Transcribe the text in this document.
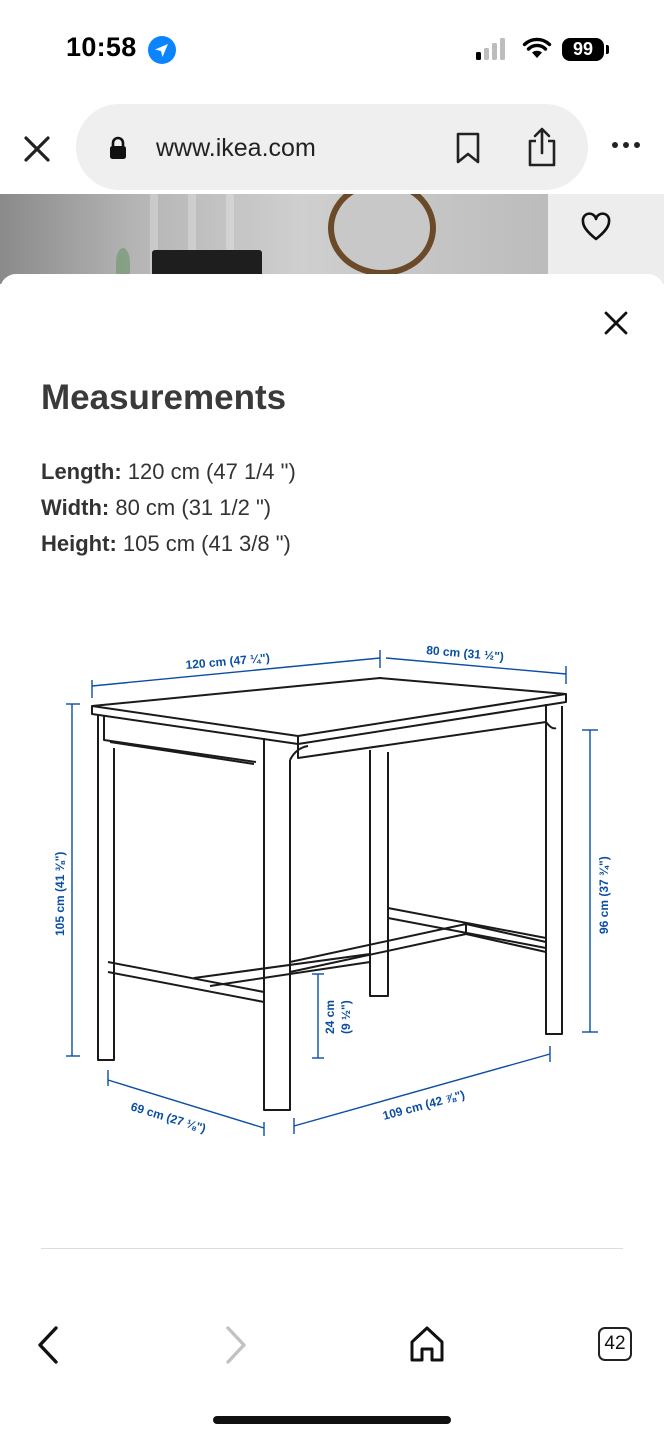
10:58	99
www.ikea.com
Measurements
Length: 120 cm (47 1/4 ")
Width: 80 cm (31 1/2 ")
Height: 105 cm (41 3/8 ")
120 cm (47 ¼")	80 cm (31 ½")
105 cm (41 ⅜")	96 cm (37 ¾")
24 cm (9 ½")
69 cm (27 ⅛")	109 cm (42 ⅞")
42
